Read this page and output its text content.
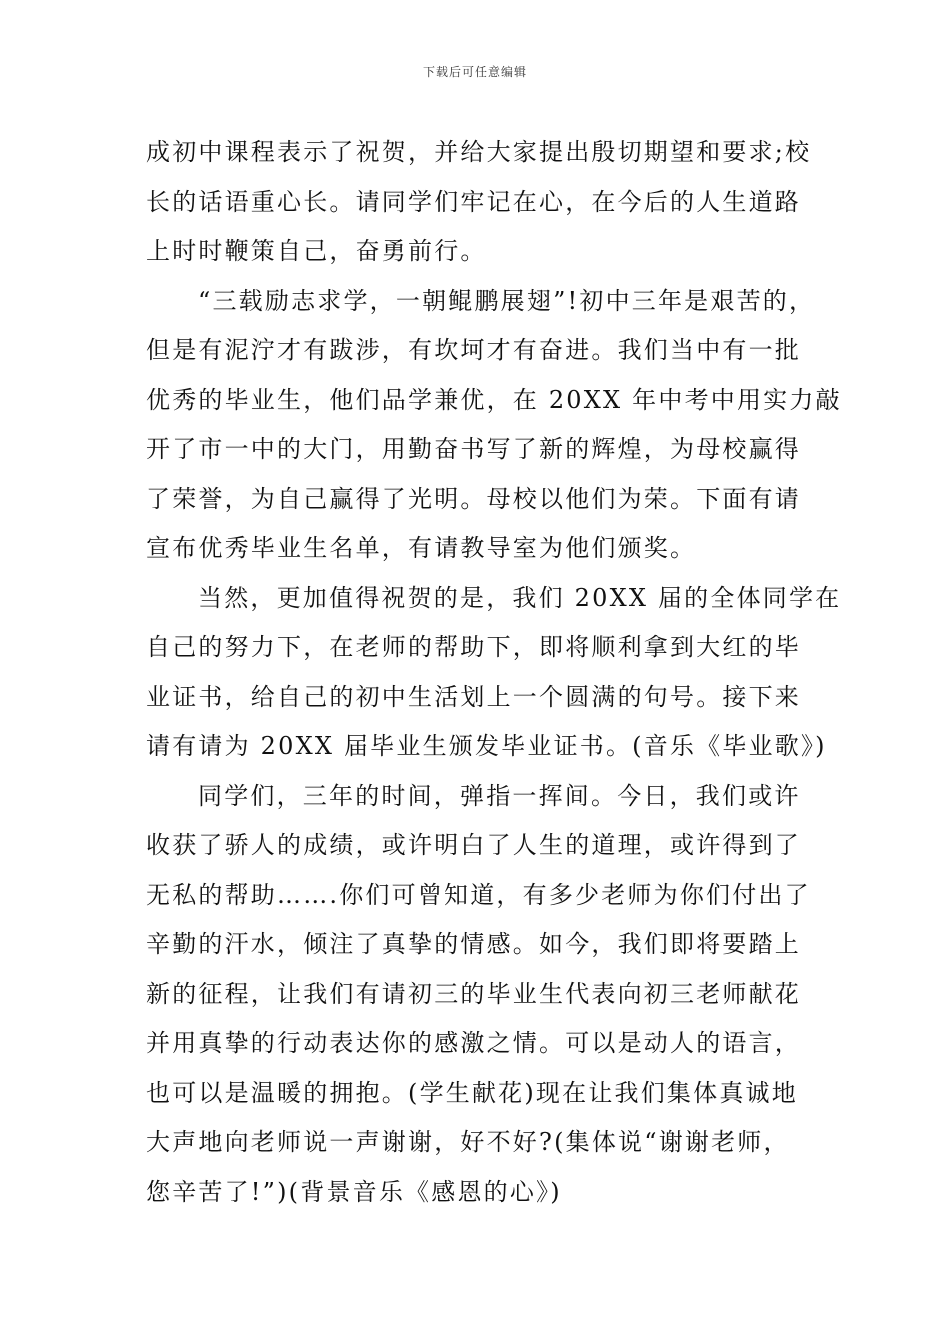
下载后可任意编辑

成初中课程表示了祝贺，并给大家提出殷切期望和要求;校
长的话语重心长。请同学们牢记在心，在今后的人生道路
上时时鞭策自己，奋勇前行。

“三载励志求学，一朝鲲鹏展翅”!初中三年是艰苦的，
但是有泥泞才有跋涉，有坎坷才有奋进。我们当中有一批
优秀的毕业生，他们品学兼优，在 20XX 年中考中用实力敲
开了市一中的大门，用勤奋书写了新的辉煌，为母校赢得
了荣誉，为自己赢得了光明。母校以他们为荣。下面有请
宣布优秀毕业生名单，有请教导室为他们颁奖。

当然，更加值得祝贺的是，我们 20XX 届的全体同学在
自己的努力下，在老师的帮助下，即将顺利拿到大红的毕
业证书，给自己的初中生活划上一个圆满的句号。接下来
请有请为 20XX 届毕业生颁发毕业证书。(音乐《毕业歌》)

同学们，三年的时间，弹指一挥间。今日，我们或许
收获了骄人的成绩，或许明白了人生的道理，或许得到了
无私的帮助…….你们可曾知道，有多少老师为你们付出了
辛勤的汗水，倾注了真挚的情感。如今，我们即将要踏上
新的征程，让我们有请初三的毕业生代表向初三老师献花
并用真挚的行动表达你的感激之情。可以是动人的语言，
也可以是温暖的拥抱。(学生献花)现在让我们集体真诚地
大声地向老师说一声谢谢，好不好?(集体说“谢谢老师，
您辛苦了!”)(背景音乐《感恩的心》)
